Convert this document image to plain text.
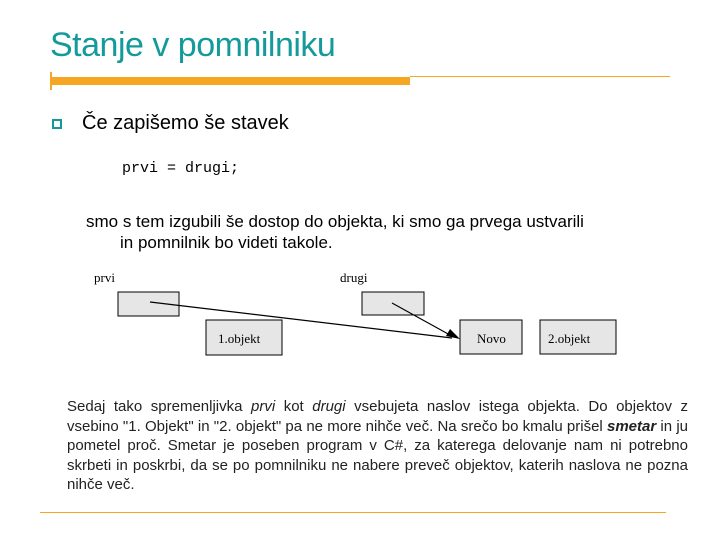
Stanje v pomnilniku
Če zapišemo še stavek
prvi = drugi;
smo s tem izgubili še dostop do objekta, ki smo ga prvega ustvarili
in pomnilnik bo videti takole.
prvi	drugi
1.objekt	Novo	2.objekt
Sedaj tako spremenljivka prvi kot drugi vsebujeta naslov istega objekta. Do objektov z vsebino "1. Objekt" in "2. objekt" pa ne more nihče več. Na srečo bo kmalu prišel smetar in ju pometel proč. Smetar je poseben program v C#, za katerega delovanje nam ni potrebno skrbeti in poskrbi, da se po pomnilniku ne nabere preveč objektov, katerih naslova ne pozna nihče več.
